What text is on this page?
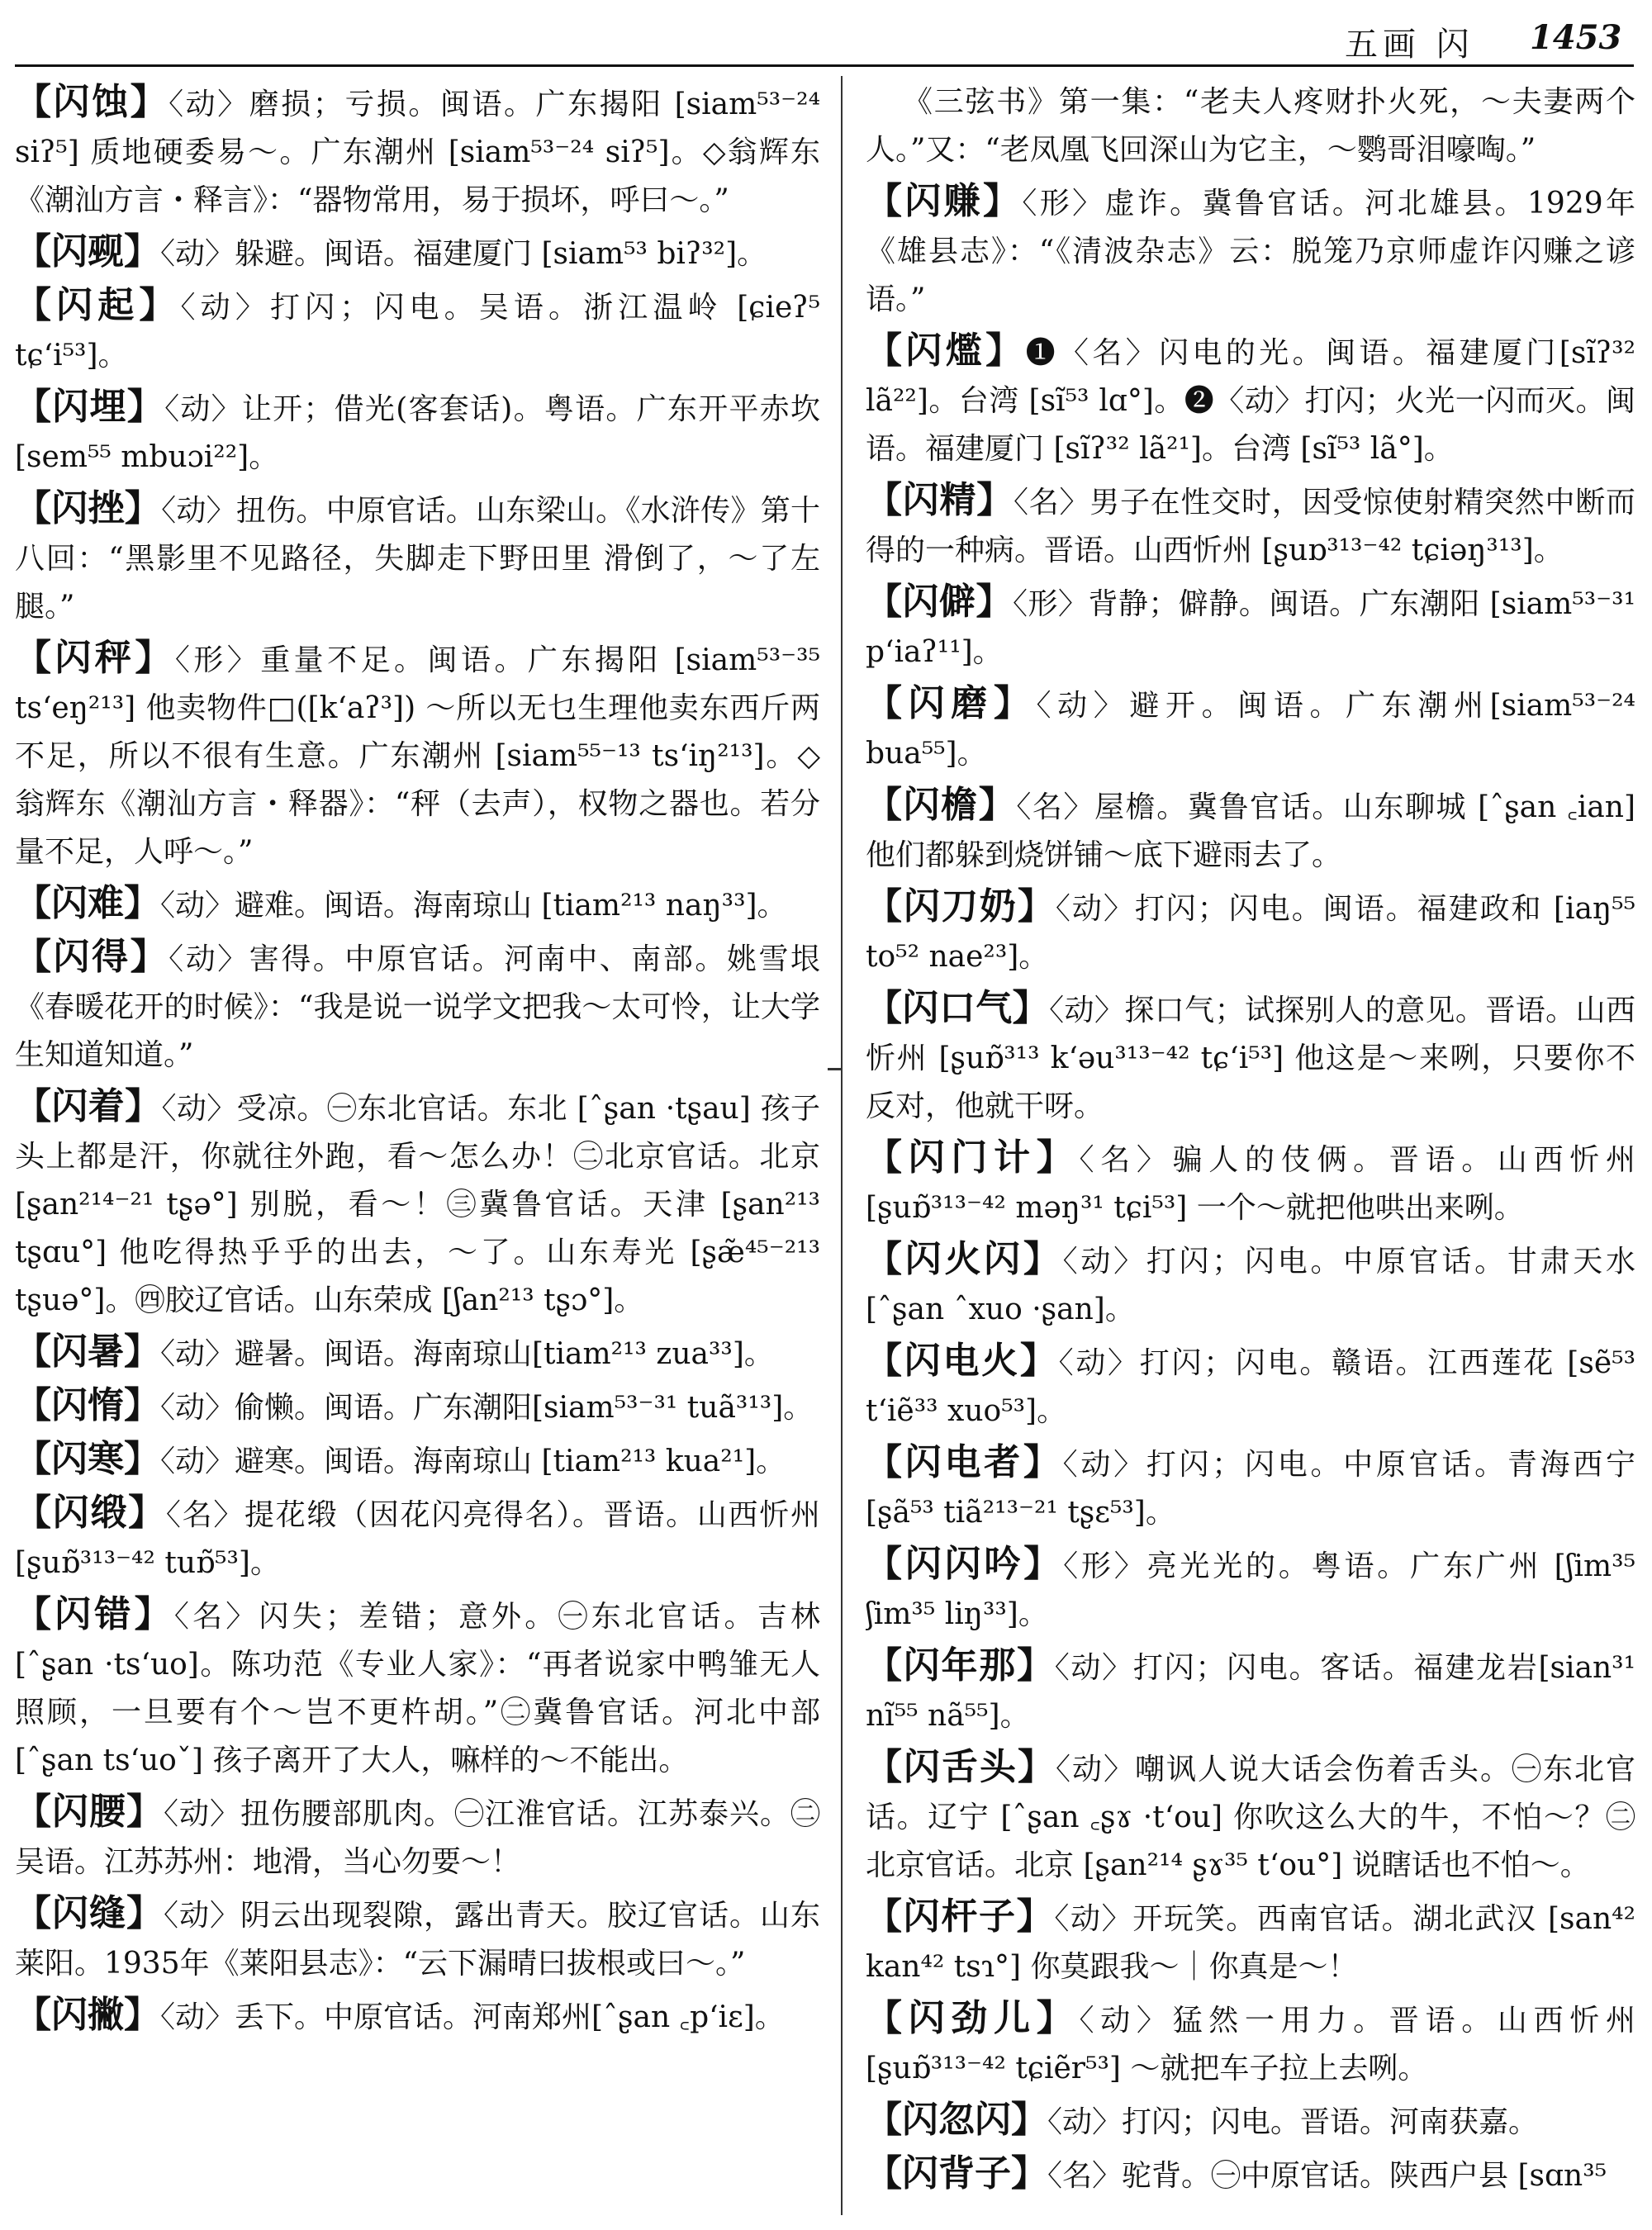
五画 闪 1453

【闪蚀】〈动〉磨损；亏损。闽语。广东揭阳 [siam⁵³⁻²⁴ siʔ⁵] 质地硬委易～。广东潮州 [siam⁵³⁻²⁴ siʔ⁵]。◇翁辉东《潮汕方言・释言》：“器物常用，易于损坏，呼曰～。”

【闪觋】〈动〉躲避。闽语。福建厦门 [siam⁵³ biʔ³²]。

【闪起】〈动〉打闪；闪电。吴语。浙江温岭 [ɕieʔ⁵ tɕʻi⁵³]。

【闪埋】〈动〉让开；借光(客套话)。粤语。广东开平赤坎 [sem⁵⁵ mbuɔi²²]。

【闪挫】〈动〉扭伤。中原官话。山东梁山。《水浒传》第十八回：“黑影里不见路径，失脚走下野田里 滑倒了，～了左腿。”

【闪秤】〈形〉重量不足。闽语。广东揭阳 [siam⁵³⁻³⁵ tsʻeŋ²¹³] 他卖物件□([kʻaʔ³]) ～所以无乜生理他卖东西斤两不足，所以不很有生意。广东潮州 [siam⁵⁵⁻¹³ tsʻiŋ²¹³]。◇翁辉东《潮汕方言・释器》：“秤（去声），权物之器也。若分量不足，人呼～。”

【闪难】〈动〉避难。闽语。海南琼山 [tiam²¹³ naŋ³³]。

【闪得】〈动〉害得。中原官话。河南中、南部。姚雪垠《春暖花开的时候》：“我是说一说学文把我～太可怜，让大学生知道知道。”

【闪着】〈动〉受凉。㊀东北官话。东北 [ˆʂan ·tʂau] 孩子头上都是汗，你就往外跑，看～怎么办！㊁北京官话。北京 [ʂan²¹⁴⁻²¹ tʂə°] 别脱，看～！㊂冀鲁官话。天津 [ʂan²¹³ tʂɑu°] 他吃得热乎乎的出去，～了。山东寿光 [ʂæ̃⁴⁵⁻²¹³ tʂuə°]。㊃胶辽官话。山东荣成 [ʃan²¹³ tʂɔ°]。

【闪暑】〈动〉避暑。闽语。海南琼山[tiam²¹³ zua³³]。

【闪惰】〈动〉偷懒。闽语。广东潮阳[siam⁵³⁻³¹ tuã³¹³]。

【闪寒】〈动〉避寒。闽语。海南琼山 [tiam²¹³ kua²¹]。

【闪缎】〈名〉提花缎（因花闪亮得名）。晋语。山西忻州 [ʂuɒ̃³¹³⁻⁴² tuɒ̃⁵³]。

【闪错】〈名〉闪失；差错；意外。㊀东北官话。吉林 [ˆʂan ·tsʻuo]。陈功范《专业人家》：“再者说家中鸭雏无人照顾，一旦要有个～岂不更杵胡。”㊁冀鲁官话。河北中部 [ˆʂan tsʻuoˇ] 孩子离开了大人，嘛样的～不能出。

【闪腰】〈动〉扭伤腰部肌肉。㊀江淮官话。江苏泰兴。㊁吴语。江苏苏州：地滑，当心勿要～！

【闪缝】〈动〉阴云出现裂隙，露出青天。胶辽官话。山东莱阳。1935年《莱阳县志》：“云下漏晴曰拔根或曰～。”

【闪撇】〈动〉丢下。中原官话。河南郑州[ˆʂan ꜀pʻiɛ]。

《三弦书》第一集：“老夫人疼财扑火死，～夫妻两个人。”又：“老凤凰飞回深山为它主，～鹦哥泪嚎啕。”

【闪赚】〈形〉虚诈。冀鲁官话。河北雄县。1929年《雄县志》：“《清波杂志》云：脱笼乃京师虚诈闪赚之谚语。”

【闪爁】❶〈名〉闪电的光。闽语。福建厦门[sĩʔ³² lã²²]。台湾 [sĩ⁵³ lɑ°]。❷〈动〉打闪；火光一闪而灭。闽语。福建厦门 [sĩʔ³² lã²¹]。台湾 [sĩ⁵³ lã°]。

【闪精】〈名〉男子在性交时，因受惊使射精突然中断而得的一种病。晋语。山西忻州 [ʂuɒ³¹³⁻⁴² tɕiəŋ³¹³]。

【闪僻】〈形〉背静；僻静。闽语。广东潮阳 [siam⁵³⁻³¹ pʻiaʔ¹¹]。

【闪磨】〈动〉避开。闽语。广东潮州[siam⁵³⁻²⁴ bua⁵⁵]。

【闪檐】〈名〉屋檐。冀鲁官话。山东聊城 [ˆʂan ꜀ian] 他们都躲到烧饼铺～底下避雨去了。

【闪刀奶】〈动〉打闪；闪电。闽语。福建政和 [iaŋ⁵⁵ to⁵² nae²³]。

【闪口气】〈动〉探口气；试探别人的意见。晋语。山西忻州 [ʂuɒ̃³¹³ kʻəu³¹³⁻⁴² tɕʻi⁵³] 他这是～来咧，只要你不反对，他就干呀。

【闪门计】〈名〉骗人的伎俩。晋语。山西忻州 [ʂuɒ̃³¹³⁻⁴² məŋ³¹ tɕi⁵³] 一个～就把他哄出来咧。

【闪火闪】〈动〉打闪；闪电。中原官话。甘肃天水 [ˆʂan ˆxuo ·ʂan]。

【闪电火】〈动〉打闪；闪电。赣语。江西莲花 [sẽ⁵³ tʻiẽ³³ xuo⁵³]。

【闪电者】〈动〉打闪；闪电。中原官话。青海西宁 [ʂã⁵³ tiã²¹³⁻²¹ tʂɛ⁵³]。

【闪闪吟】〈形〉亮光光的。粤语。广东广州 [ʃim³⁵ ʃim³⁵ liŋ³³]。

【闪年那】〈动〉打闪；闪电。客话。福建龙岩[sian³¹ nĩ⁵⁵ nã⁵⁵]。

【闪舌头】〈动〉嘲讽人说大话会伤着舌头。㊀东北官话。辽宁 [ˆʂan ꜀ʂɤ ·tʻou] 你吹这么大的牛，不怕～？㊁北京官话。北京 [ʂan²¹⁴ ʂɤ³⁵ tʻou°] 说瞎话也不怕～。

【闪杆子】〈动〉开玩笑。西南官话。湖北武汉 [san⁴² kan⁴² tsɿ°] 你莫跟我～｜你真是～！

【闪劲儿】〈动〉猛然一用力。晋语。山西忻州 [ʂuɒ̃³¹³⁻⁴² tɕiẽr⁵³] ～就把车子拉上去咧。

【闪忽闪】〈动〉打闪；闪电。晋语。河南获嘉。

【闪背子】〈名〉驼背。㊀中原官话。陕西户县 [sɑn³⁵
